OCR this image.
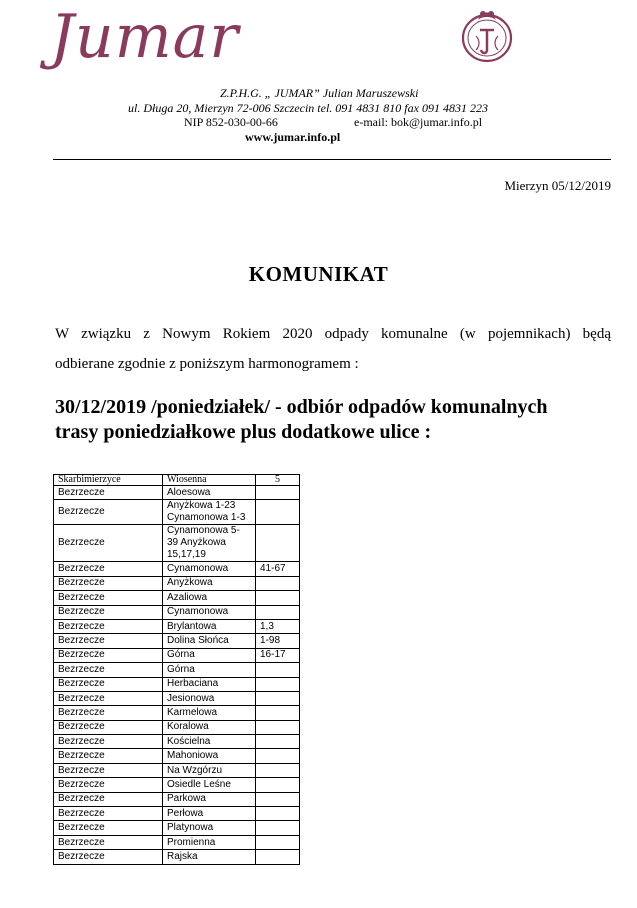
Jumar
Z.P.H.G. „ JUMAR” Julian Maruszewski
ul. Długa 20, Mierzyn 72-006 Szczecin tel. 091 4831 810 fax 091 4831 223
NIP 852-030-00-66	e-mail: bok@jumar.info.pl
www.jumar.info.pl
Mierzyn 05/12/2019
KOMUNIKAT
W związku z Nowym Rokiem 2020 odpady komunalne (w pojemnikach) będą
odbierane zgodnie z poniższym harmonogramem :
30/12/2019 /poniedziałek/ - odbiór odpadów komunalnych
trasy poniedziałkowe plus dodatkowe ulice :
Skarbimierzyce	Wiosenna	5
Bezrzecze	Aloesowa	
Bezrzecze	Anyżkowa 1-23
Cynamonowa 1-3	
Bezrzecze	Cynamonowa 5-
39 Anyżkowa
15,17,19	
Bezrzecze	Cynamonowa	41-67
Bezrzecze	Anyżkowa	
Bezrzecze	Azaliowa	
Bezrzecze	Cynamonowa	
Bezrzecze	Brylantowa	1,3
Bezrzecze	Dolina Słońca	1-98
Bezrzecze	Górna	16-17
Bezrzecze	Górna	
Bezrzecze	Herbaciana	
Bezrzecze	Jesionowa	
Bezrzecze	Karmelowa	
Bezrzecze	Koralowa	
Bezrzecze	Kościelna	
Bezrzecze	Mahoniowa	
Bezrzecze	Na Wzgórzu	
Bezrzecze	Osiedle Leśne	
Bezrzecze	Parkowa	
Bezrzecze	Perłowa	
Bezrzecze	Platynowa	
Bezrzecze	Promienna	
Bezrzecze	Rajska	
